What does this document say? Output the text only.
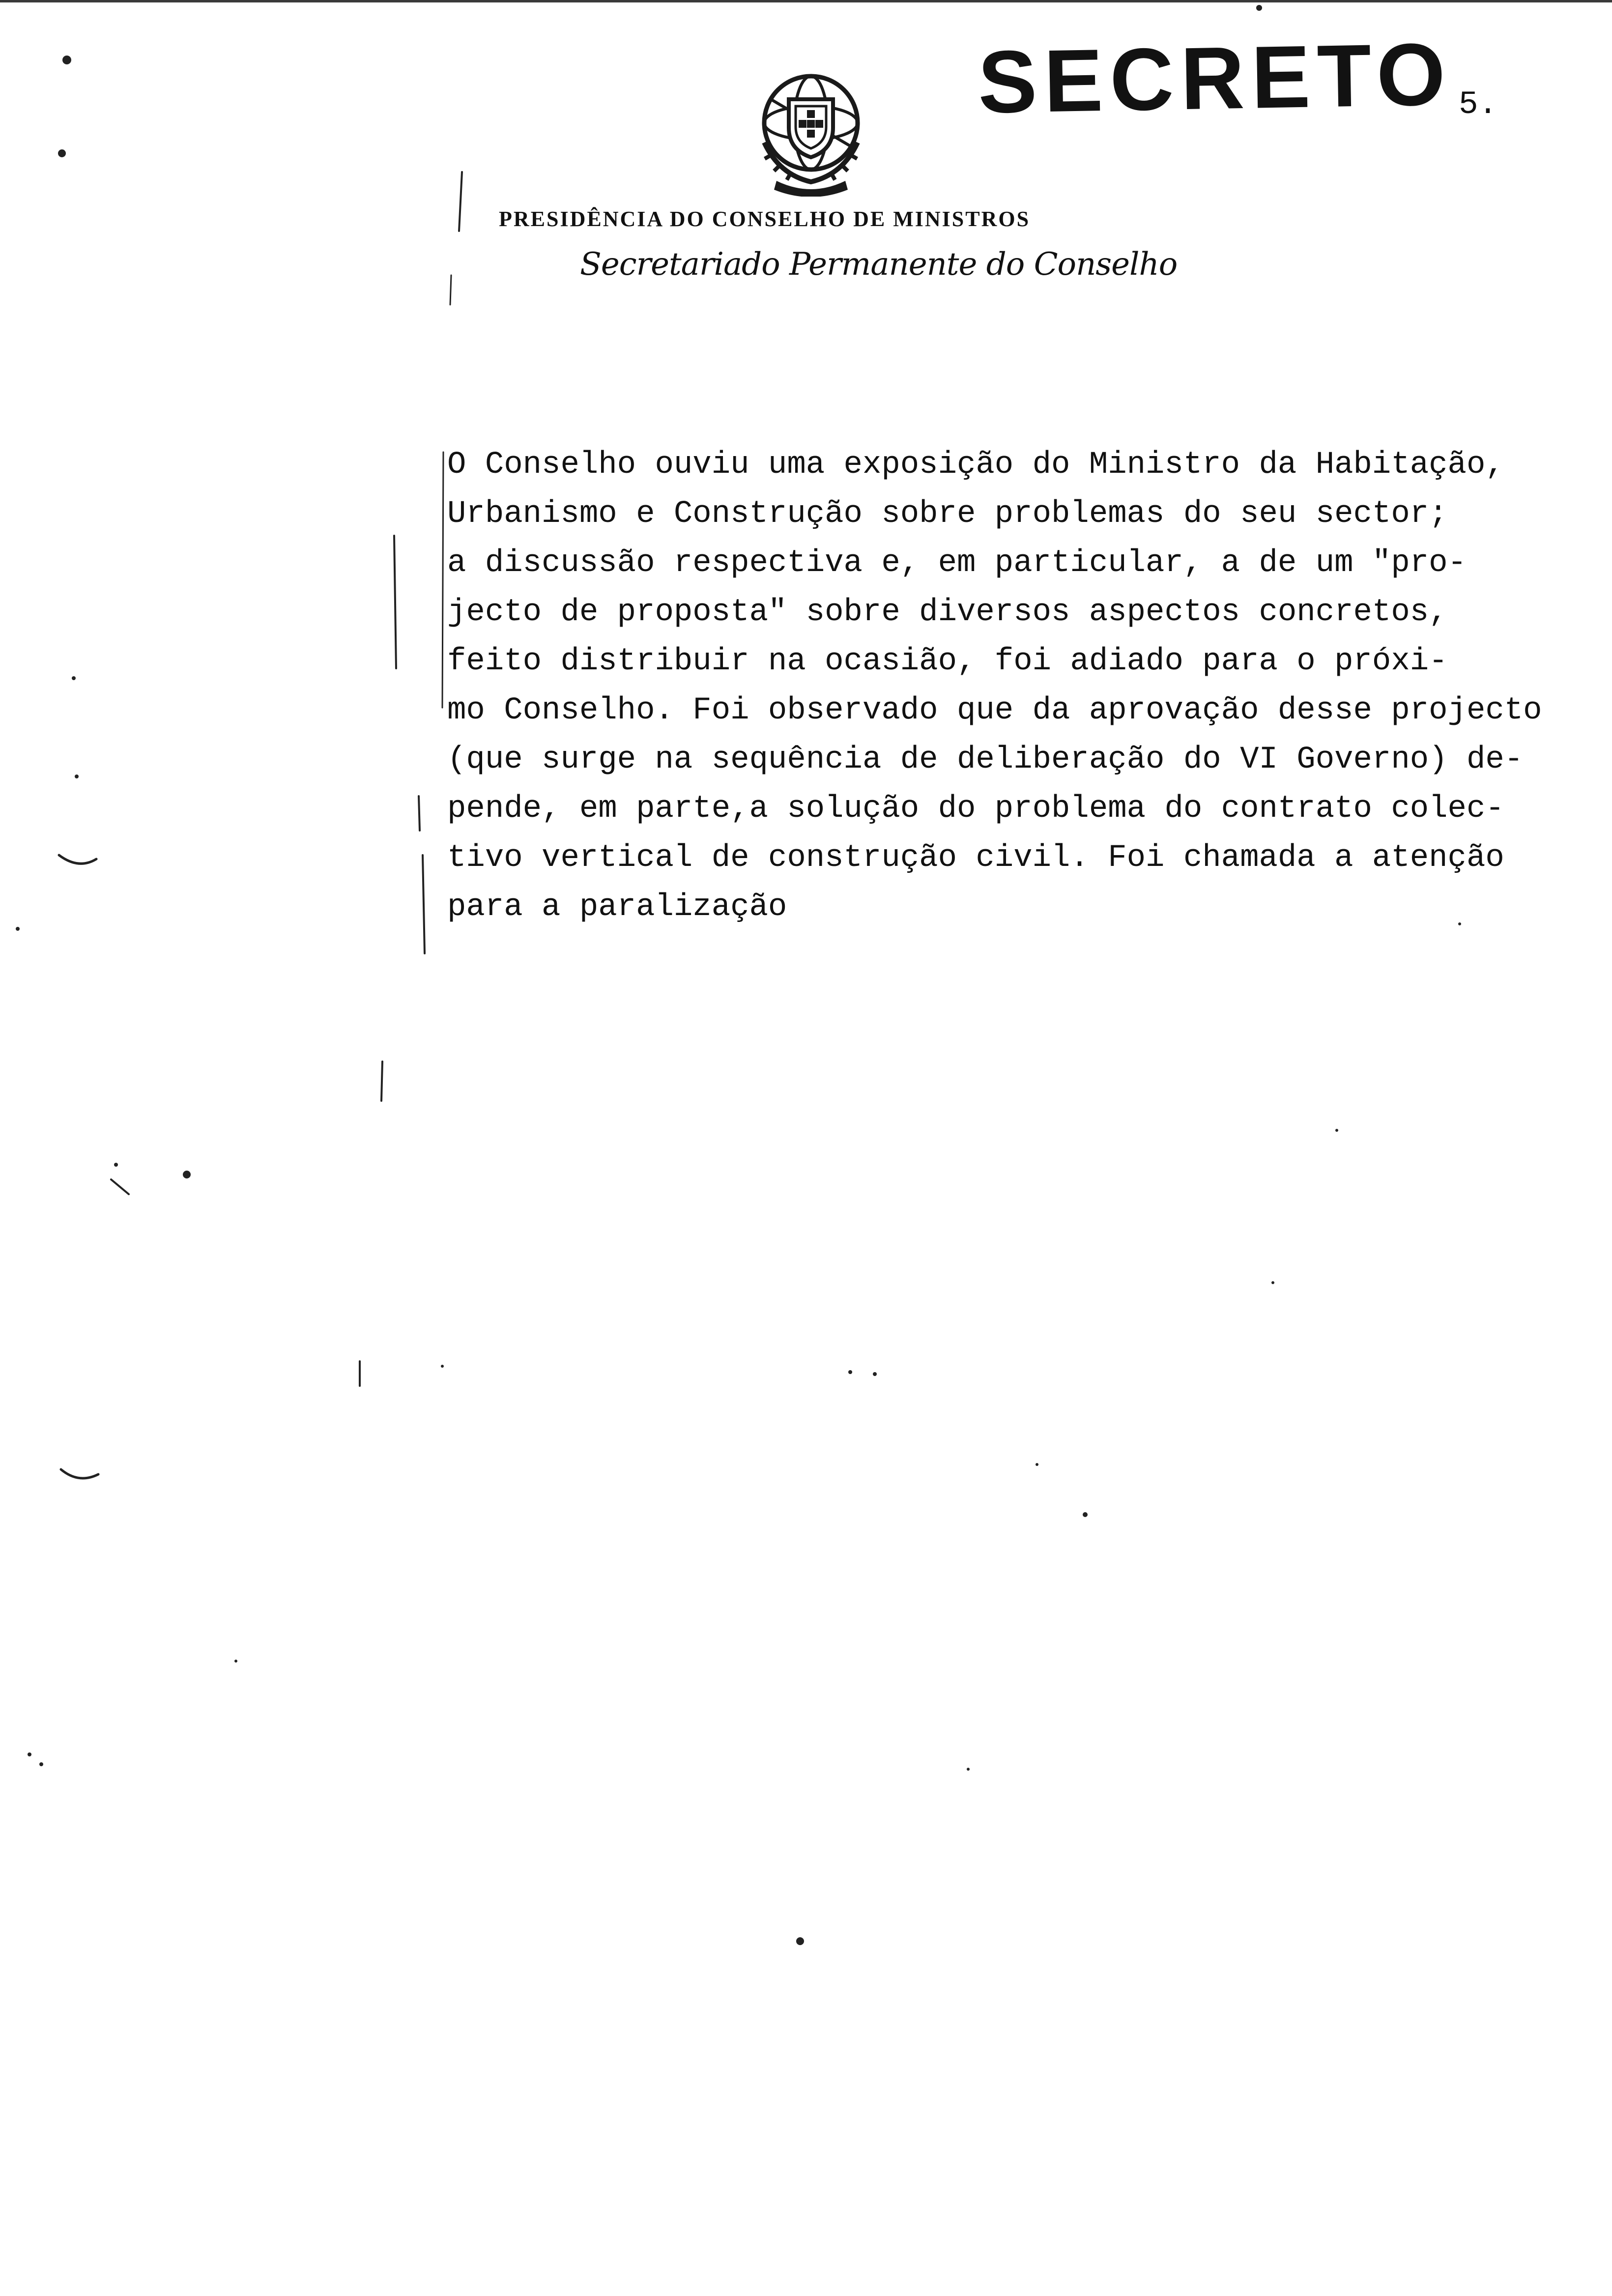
SECRETO 5.
PRESIDÊNCIA DO CONSELHO DE MINISTROS
Secretariado Permanente do Conselho
O Conselho ouviu uma exposição do Ministro da Habitação,
Urbanismo e Construção sobre problemas do seu sector;
a discussão respectiva e, em particular, a de um "pro-
jecto de proposta" sobre diversos aspectos concretos,
feito distribuir na ocasião, foi adiado para o próxi-
mo Conselho. Foi observado que da aprovação desse projecto
(que surge na sequência de deliberação do VI Governo) de-
pende, em parte,a solução do problema do contrato colec-
tivo vertical de construção civil. Foi chamada a atenção
para a paralização
